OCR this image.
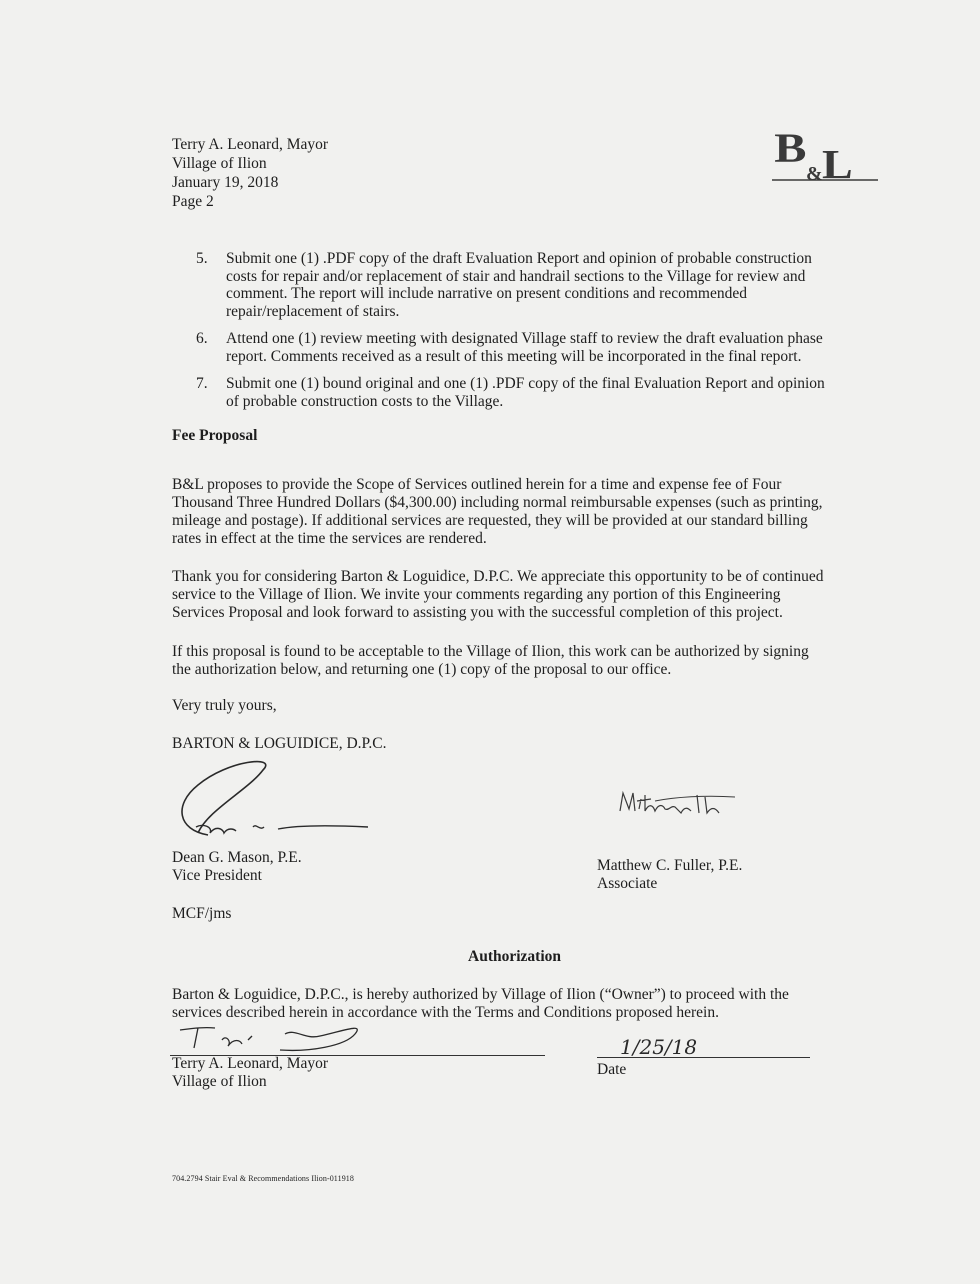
Terry A. Leonard, Mayor
Village of Ilion
January 19, 2018
Page 2
B
& L
5. Submit one (1) .PDF copy of the draft Evaluation Report and opinion of probable construction
costs for repair and/or replacement of stair and handrail sections to the Village for review and
comment. The report will include narrative on present conditions and recommended
repair/replacement of stairs.
6. Attend one (1) review meeting with designated Village staff to review the draft evaluation phase
report. Comments received as a result of this meeting will be incorporated in the final report.
7. Submit one (1) bound original and one (1) .PDF copy of the final Evaluation Report and opinion
of probable construction costs to the Village.
Fee Proposal
B&L proposes to provide the Scope of Services outlined herein for a time and expense fee of Four
Thousand Three Hundred Dollars ($4,300.00) including normal reimbursable expenses (such as printing,
mileage and postage). If additional services are requested, they will be provided at our standard billing
rates in effect at the time the services are rendered.
Thank you for considering Barton & Loguidice, D.P.C. We appreciate this opportunity to be of continued
service to the Village of Ilion. We invite your comments regarding any portion of this Engineering
Services Proposal and look forward to assisting you with the successful completion of this project.
If this proposal is found to be acceptable to the Village of Ilion, this work can be authorized by signing
the authorization below, and returning one (1) copy of the proposal to our office.
Very truly yours,
BARTON & LOGUIDICE, D.P.C.
Dean G. Mason, P.E.
Vice President
Matthew C. Fuller, P.E.
Associate
MCF/jms
Authorization
Barton & Loguidice, D.P.C., is hereby authorized by Village of Ilion (“Owner”) to proceed with the
services described herein in accordance with the Terms and Conditions proposed herein.
1/25/18
Terry A. Leonard, Mayor
Village of Ilion
Date
704.2794 Stair Eval & Recommendations Ilion-011918
